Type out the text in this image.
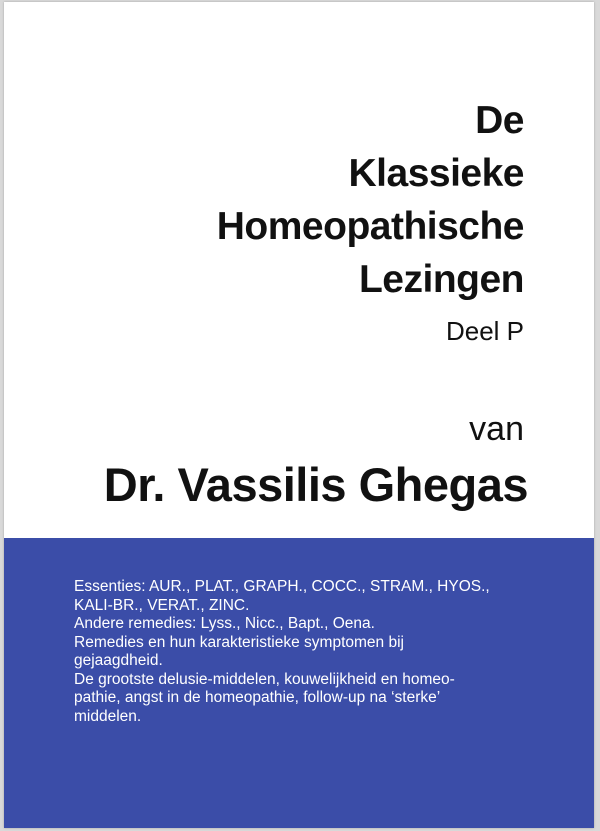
De
Klassieke
Homeopathische
Lezingen
Deel P
van
Dr. Vassilis Ghegas

Essenties: AUR., PLAT., GRAPH., COCC., STRAM., HYOS.,

KALI-BR., VERAT., ZINC.

Andere remedies: Lyss., Nicc., Bapt., Oena.

Remedies en hun karakteristieke symptomen bij

gejaagdheid.

De grootste delusie-middelen, kouwelijkheid en homeo-

pathie, angst in de homeopathie, follow-up na ‘sterke’

middelen.
